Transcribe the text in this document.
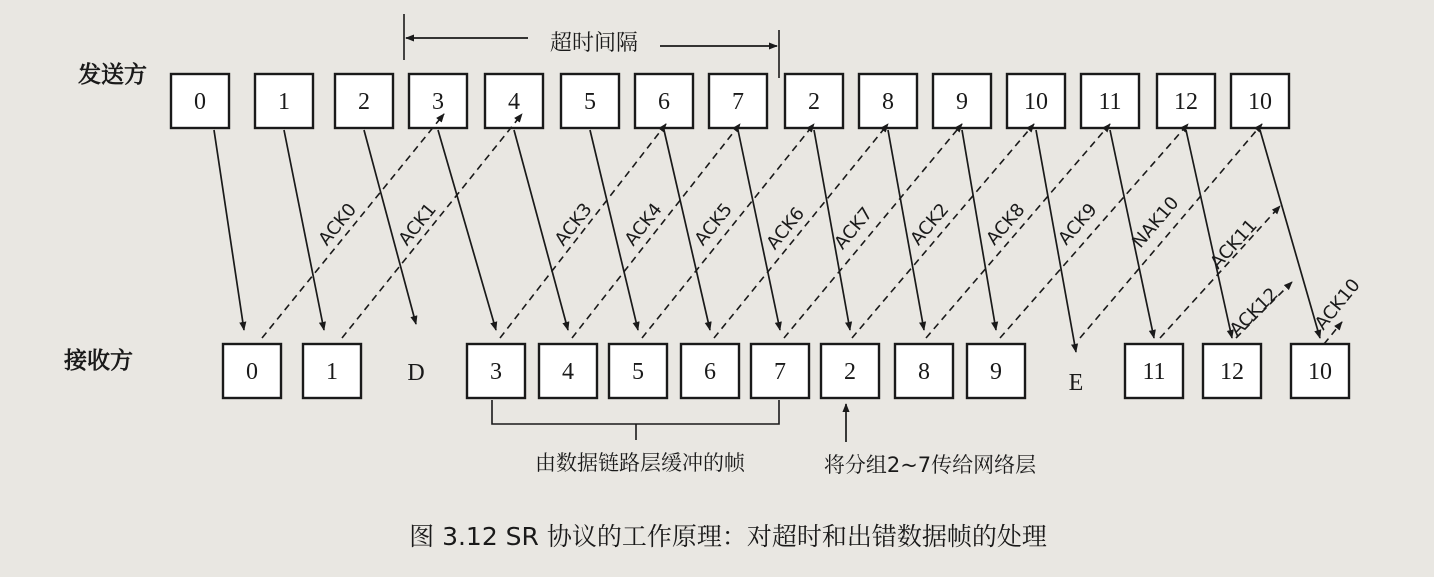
发送方
接收方
超时间隔
0	1	2	3	4	5	6	7	2	8	9 10 11 12 10
0	1	D	3	4 5	6 7 2	8	9	E 11 12	10
ACK0 ACK1	ACK3 ACK4 ACK5 ACK6 ACK7 ACK2 ACK8 ACK9 NAK10 ACK11
ACK12 ACK10
由数据链路层缓冲的帧	将分组2~7传给网络层
图 3.12 SR 协议的工作原理：对超时和出错数据帧的处理
